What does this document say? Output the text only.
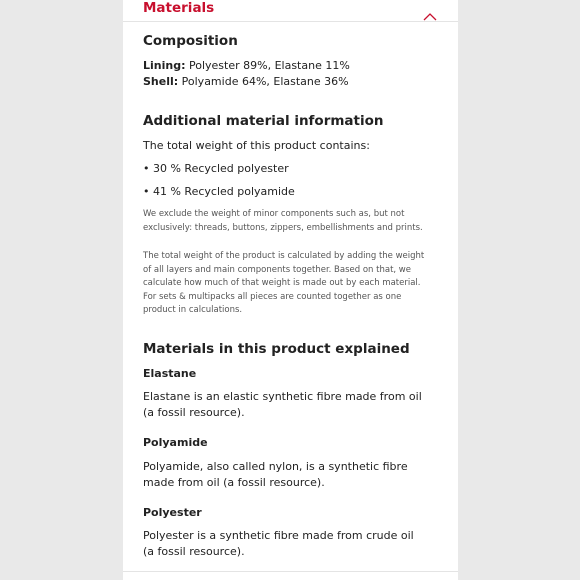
Materials

Composition

Lining: Polyester 89%, Elastane 11%

Shell: Polyamide 64%, Elastane 36%

Additional material information

The total weight of this product contains:

• 30 % Recycled polyester

• 41 % Recycled polyamide

We exclude the weight of minor components such as, but not exclusively: threads, buttons, zippers, embellishments and prints.

The total weight of the product is calculated by adding the weight of all layers and main components together. Based on that, we calculate how much of that weight is made out by each material. For sets & multipacks all pieces are counted together as one product in calculations.

Materials in this product explained

Elastane

Elastane is an elastic synthetic fibre made from oil (a fossil resource).

Polyamide

Polyamide, also called nylon, is a synthetic fibre made from oil (a fossil resource).

Polyester

Polyester is a synthetic fibre made from crude oil (a fossil resource).
